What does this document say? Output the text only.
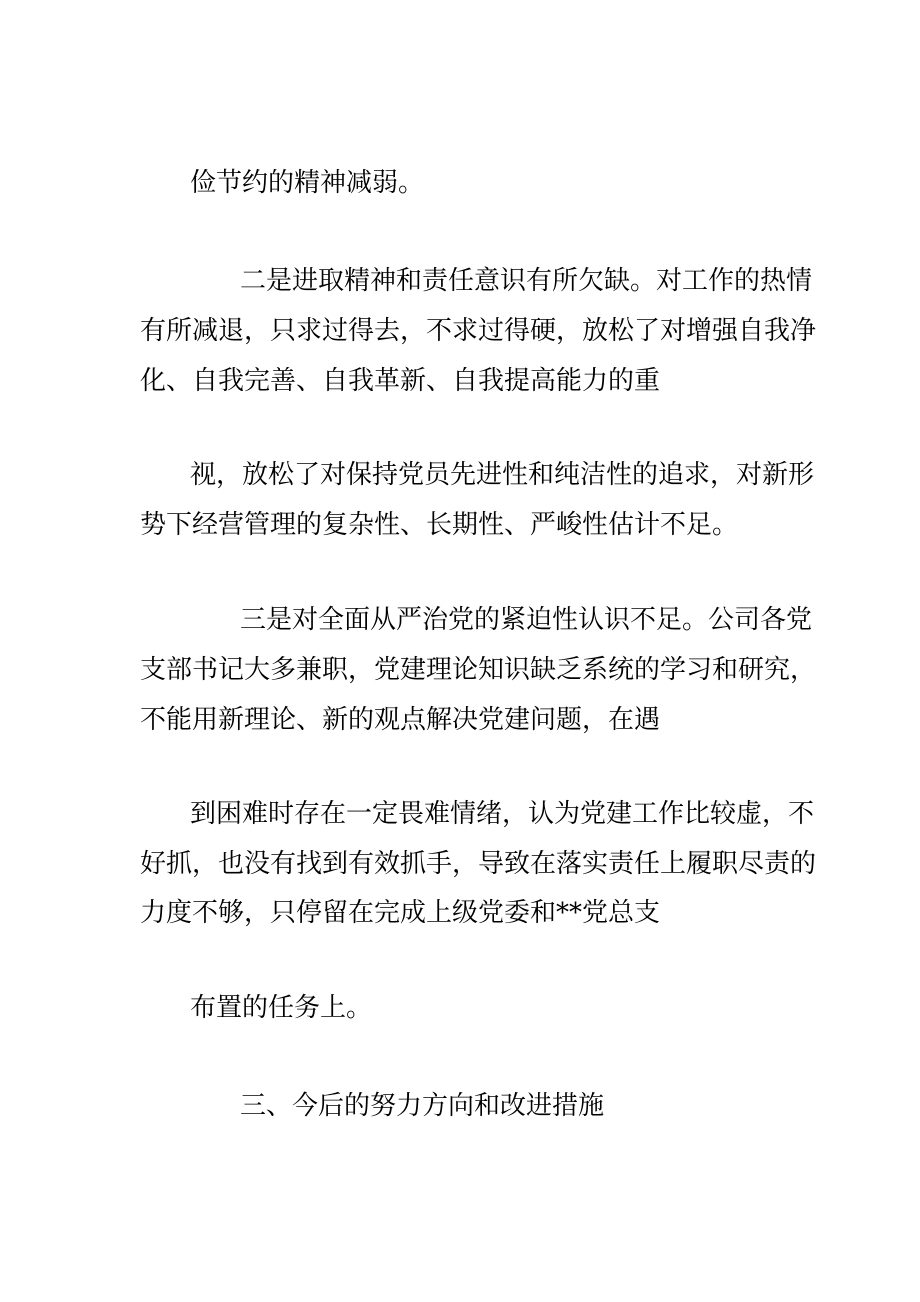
俭节约的精神减弱。
二是进取精神和责任意识有所欠缺。对工作的热情
有所减退，只求过得去，不求过得硬，放松了对增强自我净
化、自我完善、自我革新、自我提高能力的重
视，放松了对保持党员先进性和纯洁性的追求，对新形
势下经营管理的复杂性、长期性、严峻性估计不足。
三是对全面从严治党的紧迫性认识不足。公司各党
支部书记大多兼职，党建理论知识缺乏系统的学习和研究，
不能用新理论、新的观点解决党建问题，在遇
到困难时存在一定畏难情绪，认为党建工作比较虚，不
好抓，也没有找到有效抓手，导致在落实责任上履职尽责的
力度不够，只停留在完成上级党委和**党总支
布置的任务上。
三、今后的努力方向和改进措施
